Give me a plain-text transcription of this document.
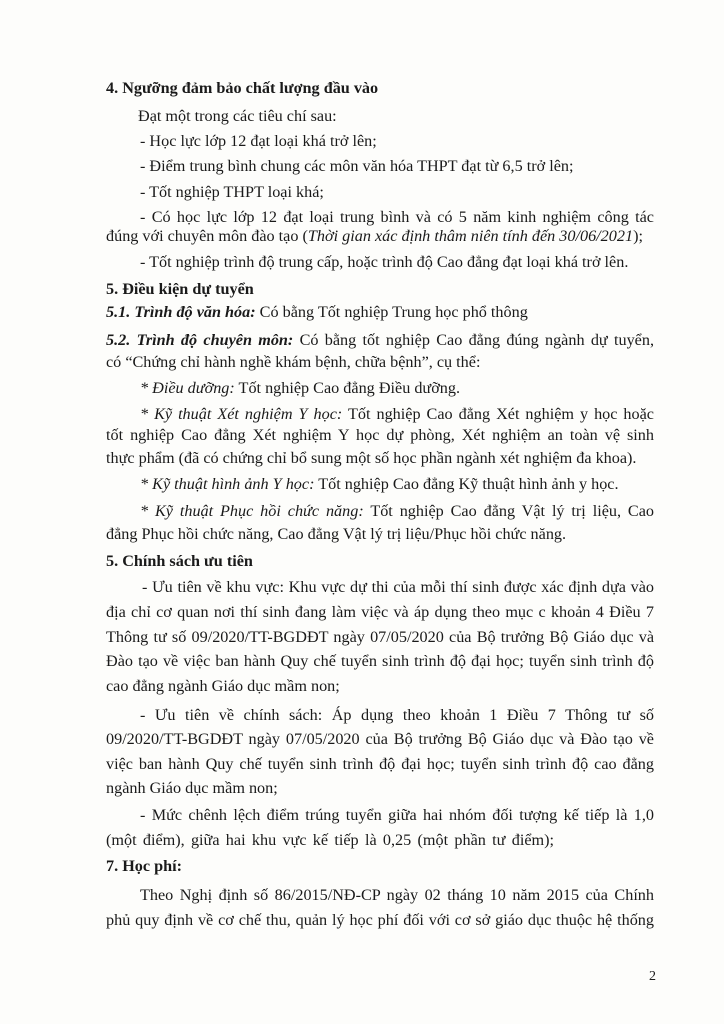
4. Ngưỡng đảm bảo chất lượng đầu vào
Đạt một trong các tiêu chí sau:
- Học lực lớp 12 đạt loại khá trở lên;
- Điểm trung bình chung các môn văn hóa THPT đạt từ 6,5 trở lên;
- Tốt nghiệp THPT loại khá;
- Có học lực lớp 12 đạt loại trung bình và có 5 năm kinh nghiệm công tác
đúng với chuyên môn đào tạo (Thời gian xác định thâm niên tính đến 30/06/2021);
- Tốt nghiệp trình độ trung cấp, hoặc trình độ Cao đẳng đạt loại khá trở lên.
5. Điều kiện dự tuyển
5.1. Trình độ văn hóa: Có bằng Tốt nghiệp Trung học phổ thông
5.2. Trình độ chuyên môn: Có bằng tốt nghiệp Cao đẳng đúng ngành dự tuyển,
có “Chứng chỉ hành nghề khám bệnh, chữa bệnh”, cụ thể:
* Điều dưỡng: Tốt nghiệp Cao đẳng Điều dưỡng.
* Kỹ thuật Xét nghiệm Y học: Tốt nghiệp Cao đẳng Xét nghiệm y học hoặc
tốt nghiệp Cao đẳng Xét nghiệm Y học dự phòng, Xét nghiệm an toàn vệ sinh
thực phẩm (đã có chứng chỉ bổ sung một số học phần ngành xét nghiệm đa khoa).
* Kỹ thuật hình ảnh Y học: Tốt nghiệp Cao đẳng Kỹ thuật hình ảnh y học.
* Kỹ thuật Phục hồi chức năng: Tốt nghiệp Cao đẳng Vật lý trị liệu, Cao
đẳng Phục hồi chức năng, Cao đẳng Vật lý trị liệu/Phục hồi chức năng.
5. Chính sách ưu tiên
- Ưu tiên về khu vực: Khu vực dự thi của mỗi thí sinh được xác định dựa vào
địa chỉ cơ quan nơi thí sinh đang làm việc và áp dụng theo mục c khoản 4 Điều 7
Thông tư số 09/2020/TT-BGDĐT ngày 07/05/2020 của Bộ trưởng Bộ Giáo dục và
Đào tạo về việc ban hành Quy chế tuyển sinh trình độ đại học; tuyển sinh trình độ
cao đẳng ngành Giáo dục mầm non;
- Ưu tiên về chính sách: Áp dụng theo khoản 1 Điều 7 Thông tư số
09/2020/TT-BGDĐT ngày 07/05/2020 của Bộ trưởng Bộ Giáo dục và Đào tạo về
việc ban hành Quy chế tuyển sinh trình độ đại học; tuyển sinh trình độ cao đẳng
ngành Giáo dục mầm non;
- Mức chênh lệch điểm trúng tuyển giữa hai nhóm đối tượng kế tiếp là 1,0
(một điểm), giữa hai khu vực kế tiếp là 0,25 (một phần tư điểm);
7. Học phí:
Theo Nghị định số 86/2015/NĐ-CP ngày 02 tháng 10 năm 2015 của Chính
phủ quy định về cơ chế thu, quản lý học phí đối với cơ sở giáo dục thuộc hệ thống
2
